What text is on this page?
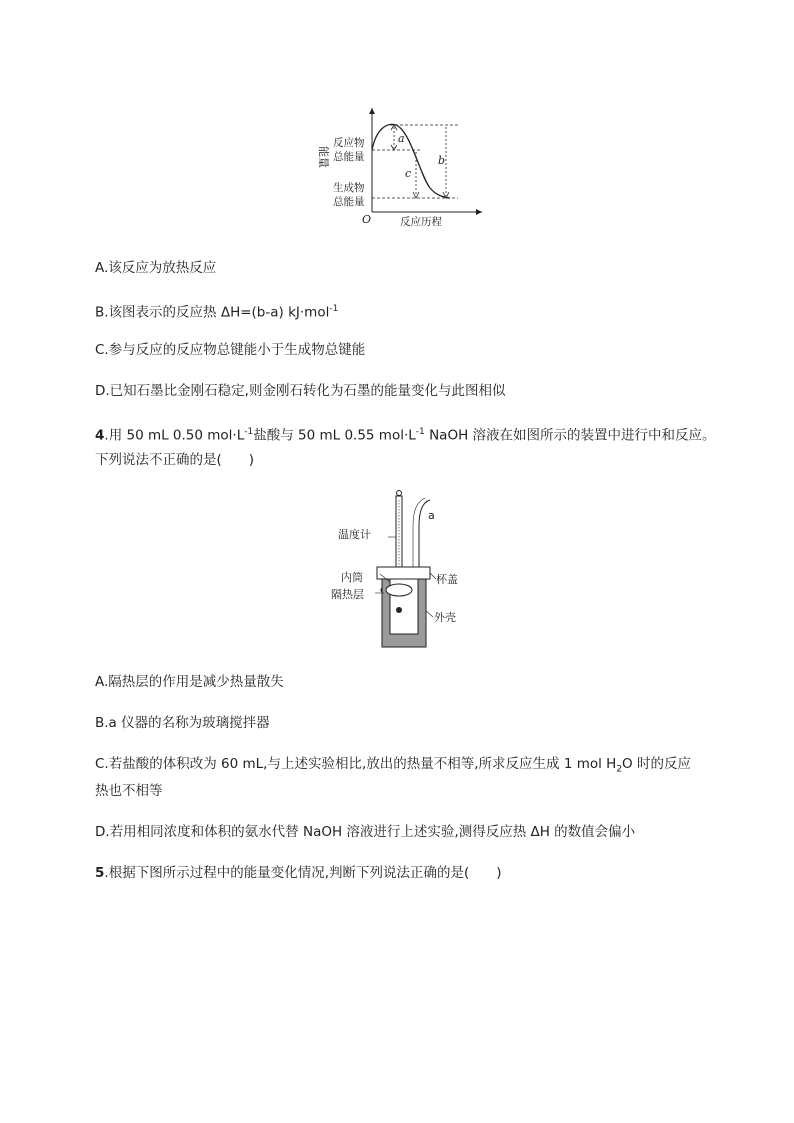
能量
反应物
总能量
生成物
总能量
O	反应历程
a
b
c
A.该反应为放热反应
B.该图表示的反应热 ΔH=(b-a) kJ·mol$^{-1}$
C.参与反应的反应物总键能小于生成物总键能
D.已知石墨比金刚石稳定,则金刚石转化为石墨的能量变化与此图相似
4.用 50 mL 0.50 $mol\cdot L^{-1}$盐酸与 50 mL 0.55 $mol\cdot L^{-1}$ NaOH 溶液在如图所示的装置中进行中和反应。
下列说法不正确的是(　　)
a
温度计
内筒	杯盖
隔热层
外壳
A.隔热层的作用是减少热量散失
B.a 仪器的名称为玻璃搅拌器
C.若盐酸的体积改为 60 mL,与上述实验相比,放出的热量不相等,所求反应生成 1 mol $H_2O$ 时的反应
热也不相等
D.若用相同浓度和体积的氨水代替 NaOH 溶液进行上述实验,测得反应热 ΔH 的数值会偏小
5.根据下图所示过程中的能量变化情况,判断下列说法正确的是(　　)
